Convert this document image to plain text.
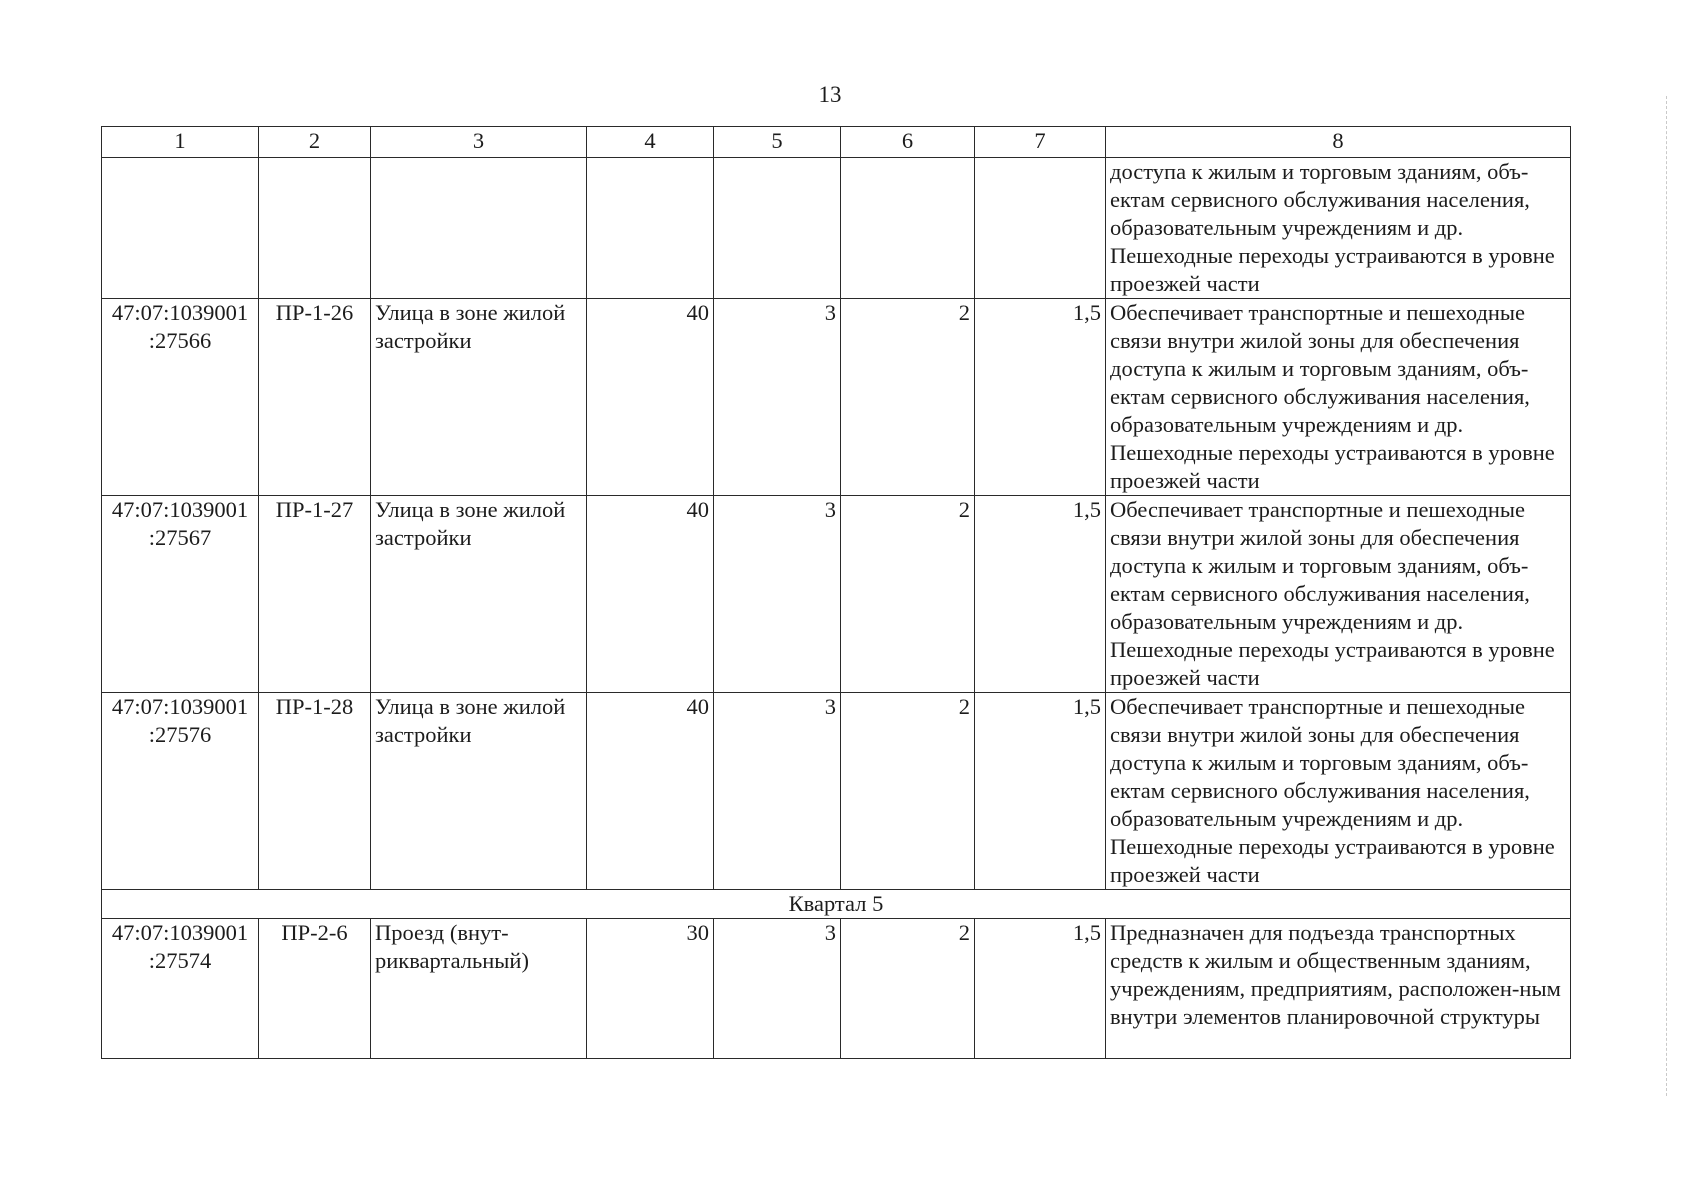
13
1	2	3	4	5	6	7	8
							доступа к жилым и торговым зданиям, объ-ектам сервисного обслуживания населения, образовательным учреждениям и др. Пешеходные переходы устраиваются в уровне проезжей части
47:07:1039001 :27566	ПР-1-26	Улица в зоне жилой застройки	40	3	2	1,5	Обеспечивает транспортные и пешеходные связи внутри жилой зоны для обеспечения доступа к жилым и торговым зданиям, объ-ектам сервисного обслуживания населения, образовательным учреждениям и др. Пешеходные переходы устраиваются в уровне проезжей части
47:07:1039001 :27567	ПР-1-27	Улица в зоне жилой застройки	40	3	2	1,5	Обеспечивает транспортные и пешеходные связи внутри жилой зоны для обеспечения доступа к жилым и торговым зданиям, объ-ектам сервисного обслуживания населения, образовательным учреждениям и др. Пешеходные переходы устраиваются в уровне проезжей части
47:07:1039001 :27576	ПР-1-28	Улица в зоне жилой застройки	40	3	2	1,5	Обеспечивает транспортные и пешеходные связи внутри жилой зоны для обеспечения доступа к жилым и торговым зданиям, объ-ектам сервисного обслуживания населения, образовательным учреждениям и др. Пешеходные переходы устраиваются в уровне проезжей части
Квартал 5							
47:07:1039001 :27574	ПР-2-6	Проезд (внут-риквартальный)	30	3	2	1,5	Предназначен для подъезда транспортных средств к жилым и общественным зданиям, учреждениям, предприятиям, расположен-ным внутри элементов планировочной структуры
